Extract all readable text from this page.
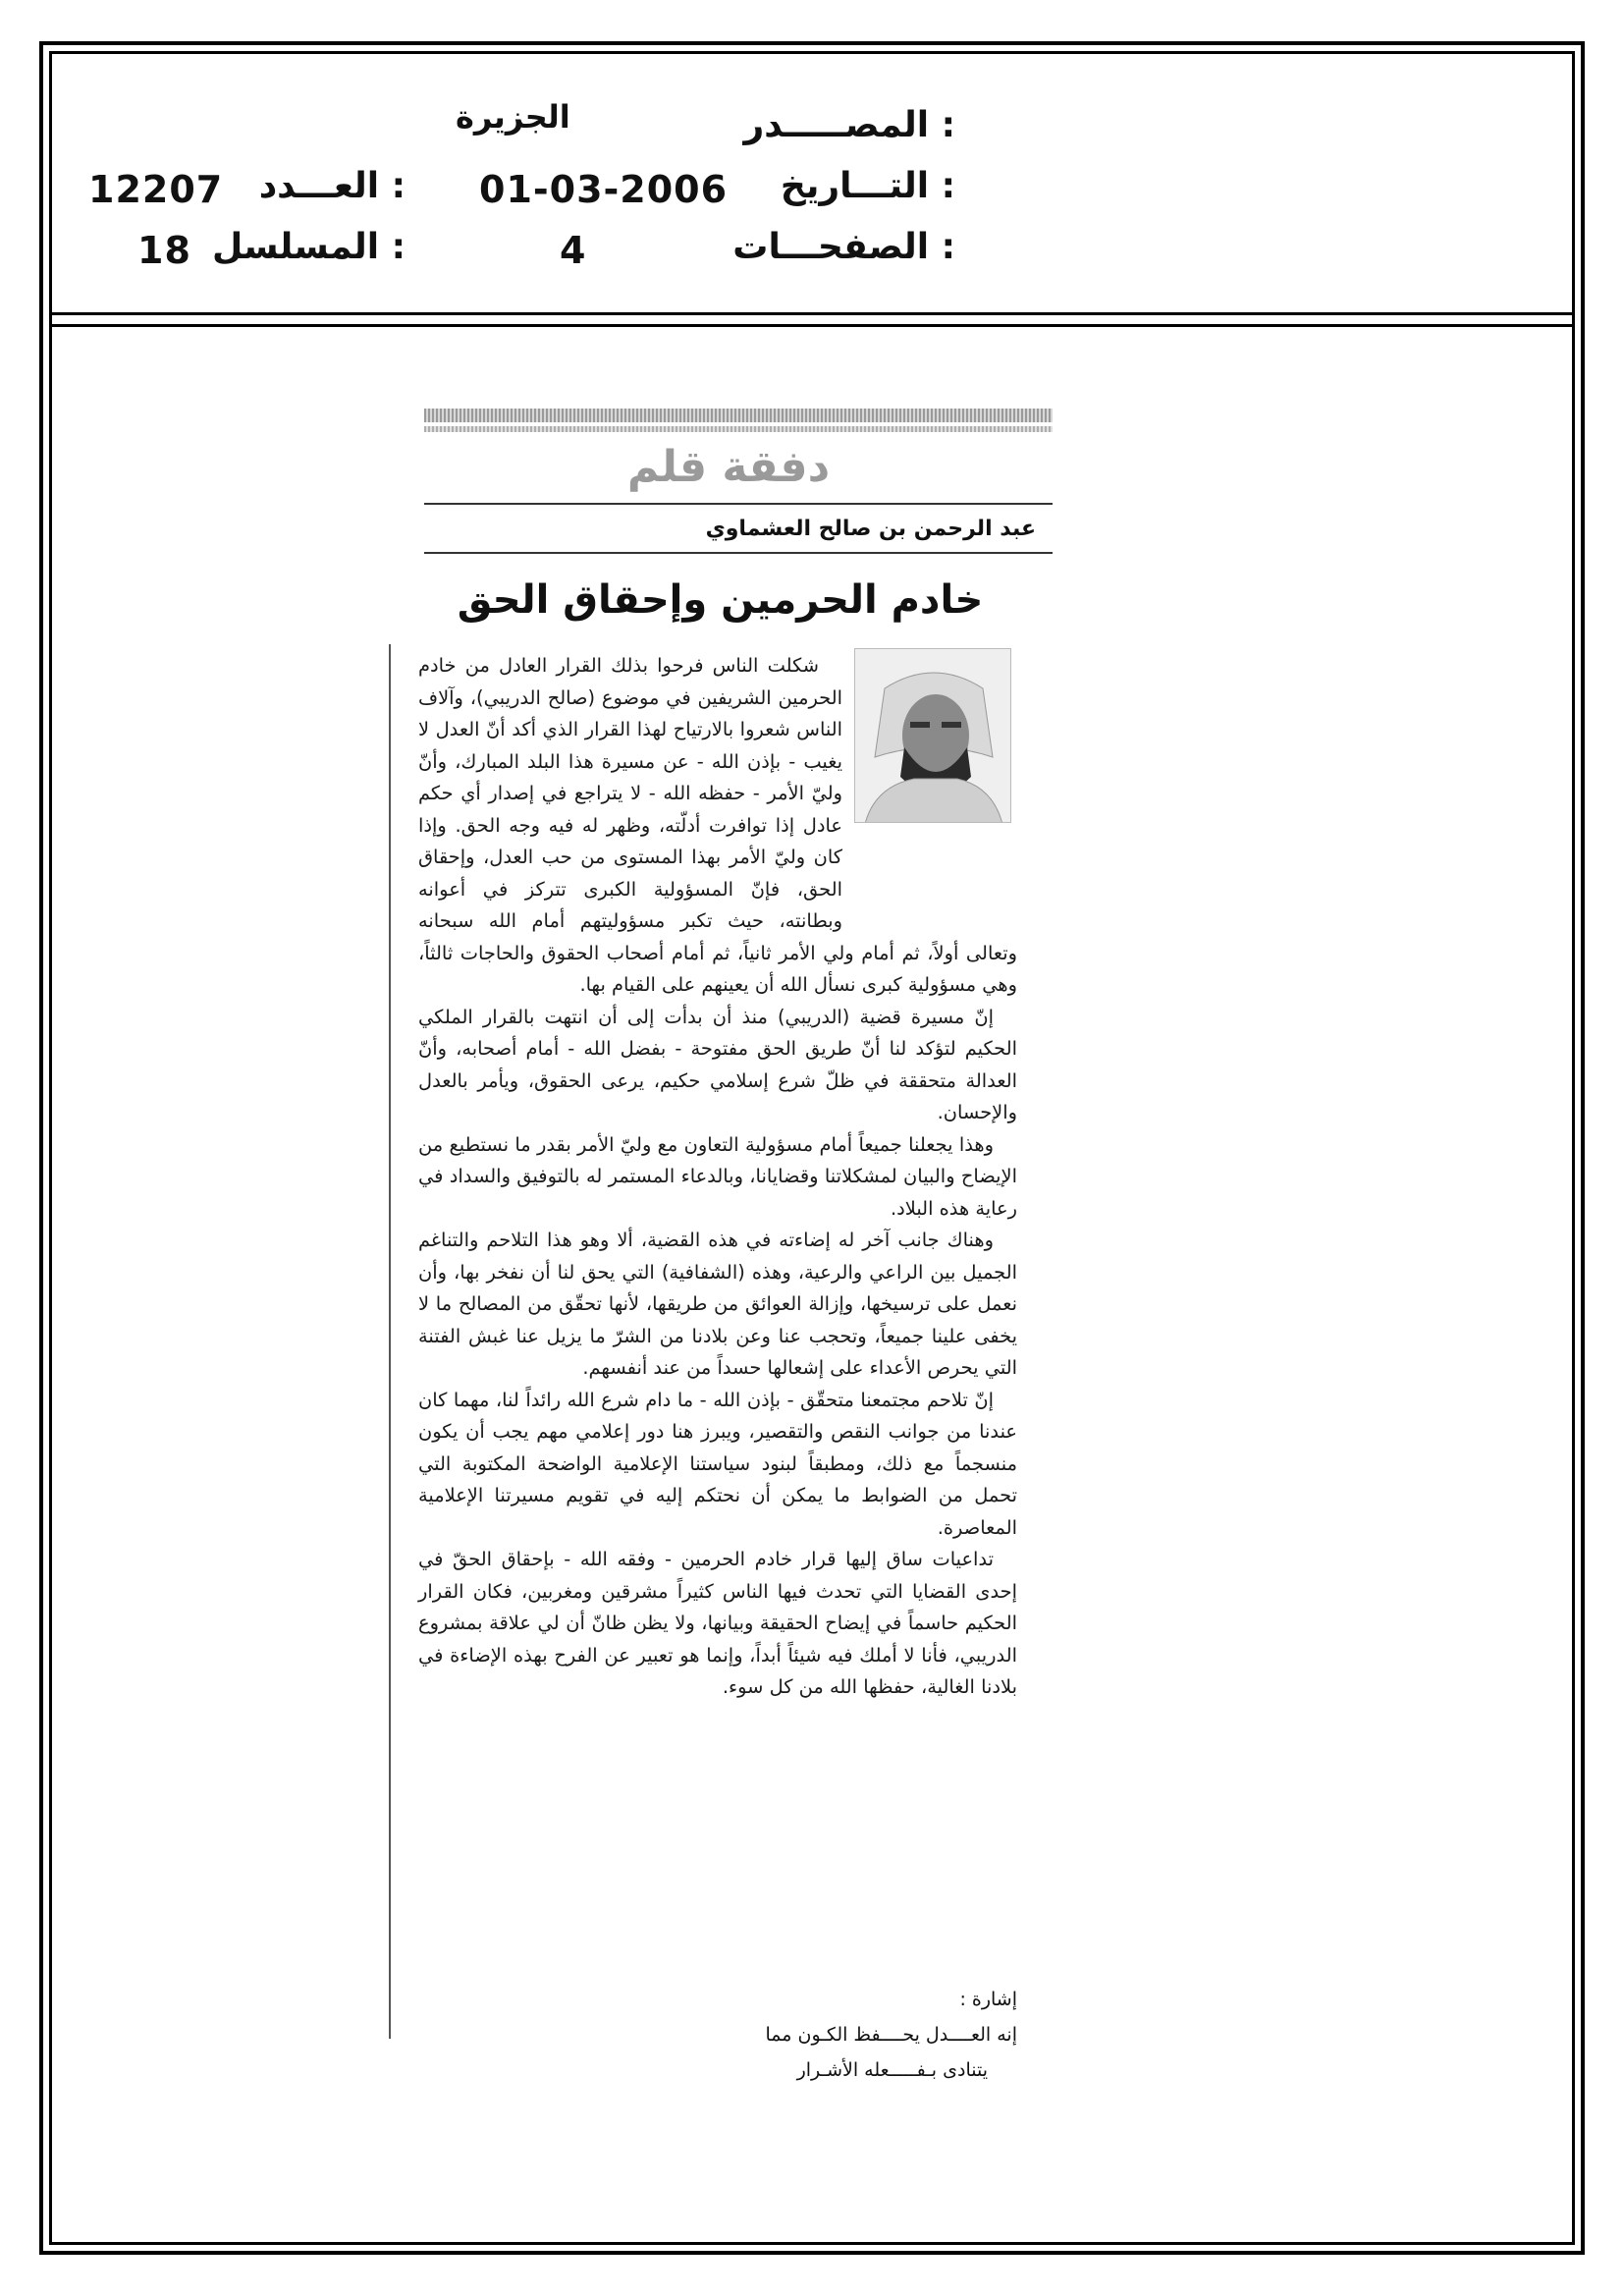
المصـــــدر :
الجزيرة
التـــاريخ :
01-03-2006
الصفحـــات :
4
العـــدد :
12207
المسلسل :
18
دفقة قلم
عبد الرحمن بن صالح العشماوي
خادم الحرمين وإحقاق الحق

شكلت الناس فرحوا بذلك القرار العادل من خادم الحرمين الشريفين في موضوع (صالح الدريبي)، وآلاف الناس شعروا بالارتياح لهذا القرار الذي أكد أنّ العدل لا يغيب - بإذن الله - عن مسيرة هذا البلد المبارك، وأنّ وليّ الأمر - حفظه الله - لا يتراجع في إصدار أي حكم عادل إذا توافرت أدلّته، وظهر له فيه وجه الحق. وإذا كان وليّ الأمر بهذا المستوى من حب العدل، وإحقاق الحق، فإنّ المسؤولية الكبرى تتركز في أعوانه وبطانته، حيث تكبر مسؤوليتهم أمام الله سبحانه وتعالى أولاً، ثم أمام ولي الأمر ثانياً، ثم أمام أصحاب الحقوق والحاجات ثالثاً، وهي مسؤولية كبرى نسأل الله أن يعينهم على القيام بها.

إنّ مسيرة قضية (الدريبي) منذ أن بدأت إلى أن انتهت بالقرار الملكي الحكيم لتؤكد لنا أنّ طريق الحق مفتوحة - بفضل الله - أمام أصحابه، وأنّ العدالة متحققة في ظلّ شرع إسلامي حكيم، يرعى الحقوق، ويأمر بالعدل والإحسان.

وهذا يجعلنا جميعاً أمام مسؤولية التعاون مع وليّ الأمر بقدر ما نستطيع من الإيضاح والبيان لمشكلاتنا وقضايانا، وبالدعاء المستمر له بالتوفيق والسداد في رعاية هذه البلاد.

وهناك جانب آخر له إضاءته في هذه القضية، ألا وهو هذا التلاحم والتناغم الجميل بين الراعي والرعية، وهذه (الشفافية) التي يحق لنا أن نفخر بها، وأن نعمل على ترسيخها، وإزالة العوائق من طريقها، لأنها تحقّق من المصالح ما لا يخفى علينا جميعاً، وتحجب عنا وعن بلادنا من الشرّ ما يزيل عنا غبش الفتنة التي يحرص الأعداء على إشعالها حسداً من عند أنفسهم.

إنّ تلاحم مجتمعنا متحقّق - بإذن الله - ما دام شرع الله رائداً لنا، مهما كان عندنا من جوانب النقص والتقصير، ويبرز هنا دور إعلامي مهم يجب أن يكون منسجماً مع ذلك، ومطبقاً لبنود سياستنا الإعلامية الواضحة المكتوبة التي تحمل من الضوابط ما يمكن أن نحتكم إليه في تقويم مسيرتنا الإعلامية المعاصرة.

تداعيات ساق إليها قرار خادم الحرمين - وفقه الله - بإحقاق الحقّ في إحدى القضايا التي تحدث فيها الناس كثيراً مشرقين ومغربين، فكان القرار الحكيم حاسماً في إيضاح الحقيقة وبيانها، ولا يظن ظانّ أن لي علاقة بمشروع الدريبي، فأنا لا أملك فيه شيئاً أبداً، وإنما هو تعبير عن الفرح بهذه الإضاءة في بلادنا الغالية، حفظها الله من كل سوء.

إشارة :
إنه العــــدل يحــــفظ الكـون مما
يتنادى بـفـــــعله الأشـرار
